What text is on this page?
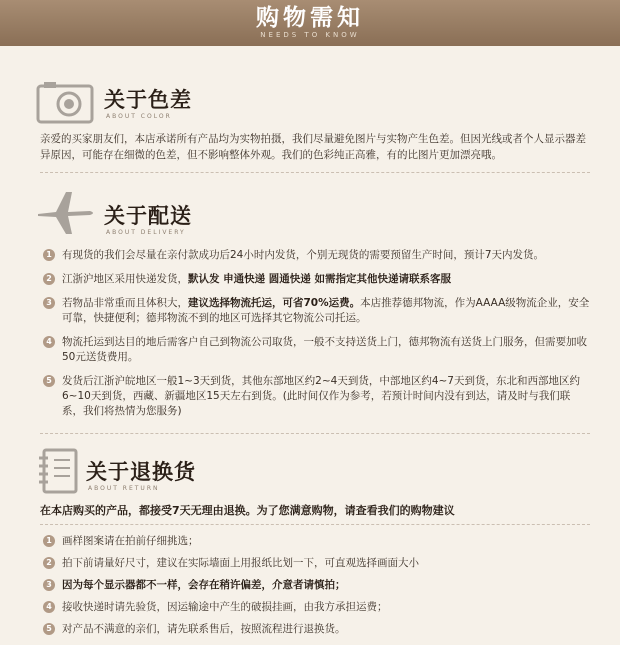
购物需知
NEEDS TO KNOW
关于色差
ABOUT COLOR
亲爱的买家朋友们，本店承诺所有产品均为实物拍摄，我们尽量避免图片与实物产生色差。但因光线或者个人显示器差异原因，可能存在细微的色差，但不影响整体外观。我们的色彩纯正高雅，有的比图片更加漂亮哦。
关于配送
ABOUT DELIVERY
1 有现货的我们会尽量在亲付款成功后24小时内发货，个别无现货的需要预留生产时间，预计7天内发货。
2 江浙沪地区采用快递发货，默认发 申通快递 圆通快递 如需指定其他快递请联系客服
3 若物品非常重而且体积大，建议选择物流托运，可省70%运费。本店推荐德邦物流，作为AAAA级物流企业，安全可靠，快捷便利；德邦物流不到的地区可选择其它物流公司托运。
4 物流托运到达目的地后需客户自己到物流公司取货，一般不支持送货上门，德邦物流有送货上门服务，但需要加收50元送货费用。
5 发货后江浙沪皖地区一般1~3天到货，其他东部地区约2~4天到货，中部地区约4~7天到货，东北和西部地区约6~10天到货，西藏、新疆地区15天左右到货。(此时间仅作为参考，若预计时间内没有到达，请及时与我们联系，我们将热情为您服务)
关于退换货
ABOUT RETURN
在本店购买的产品，都接受7天无理由退换。为了您满意购物，请查看我们的购物建议
1 画样图案请在拍前仔细挑选；
2 拍下前请量好尺寸，建议在实际墙面上用报纸比划一下，可直观选择画面大小
3 因为每个显示器都不一样，会存在稍许偏差，介意者请慎拍；
4 接收快递时请先验货，因运输途中产生的破损挂画，由我方承担运费；
5 对产品不满意的亲们，请先联系售后，按照流程进行退换货。
